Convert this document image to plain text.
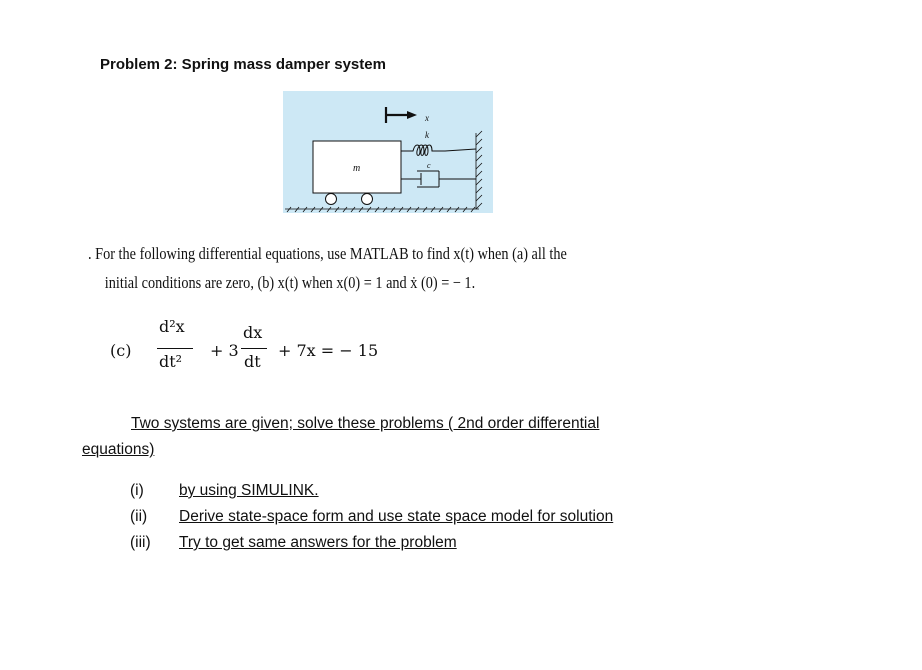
Problem 2: Spring mass damper system
m
k
c
x
. For the following differential equations, use MATLAB to find x(t) when (a) all the
initial conditions are zero, (b) x(t) when x(0) = 1 and ẋ (0) = − 1.
(c)
d²x
dt²
+ 3
dx
dt
+ 7x = − 15
Two systems are given; solve these problems ( 2nd order differential
equations)
(i) by using SIMULINK.
(ii) Derive state-space form and use state space model for solution
(iii) Try to get same answers for the problem
